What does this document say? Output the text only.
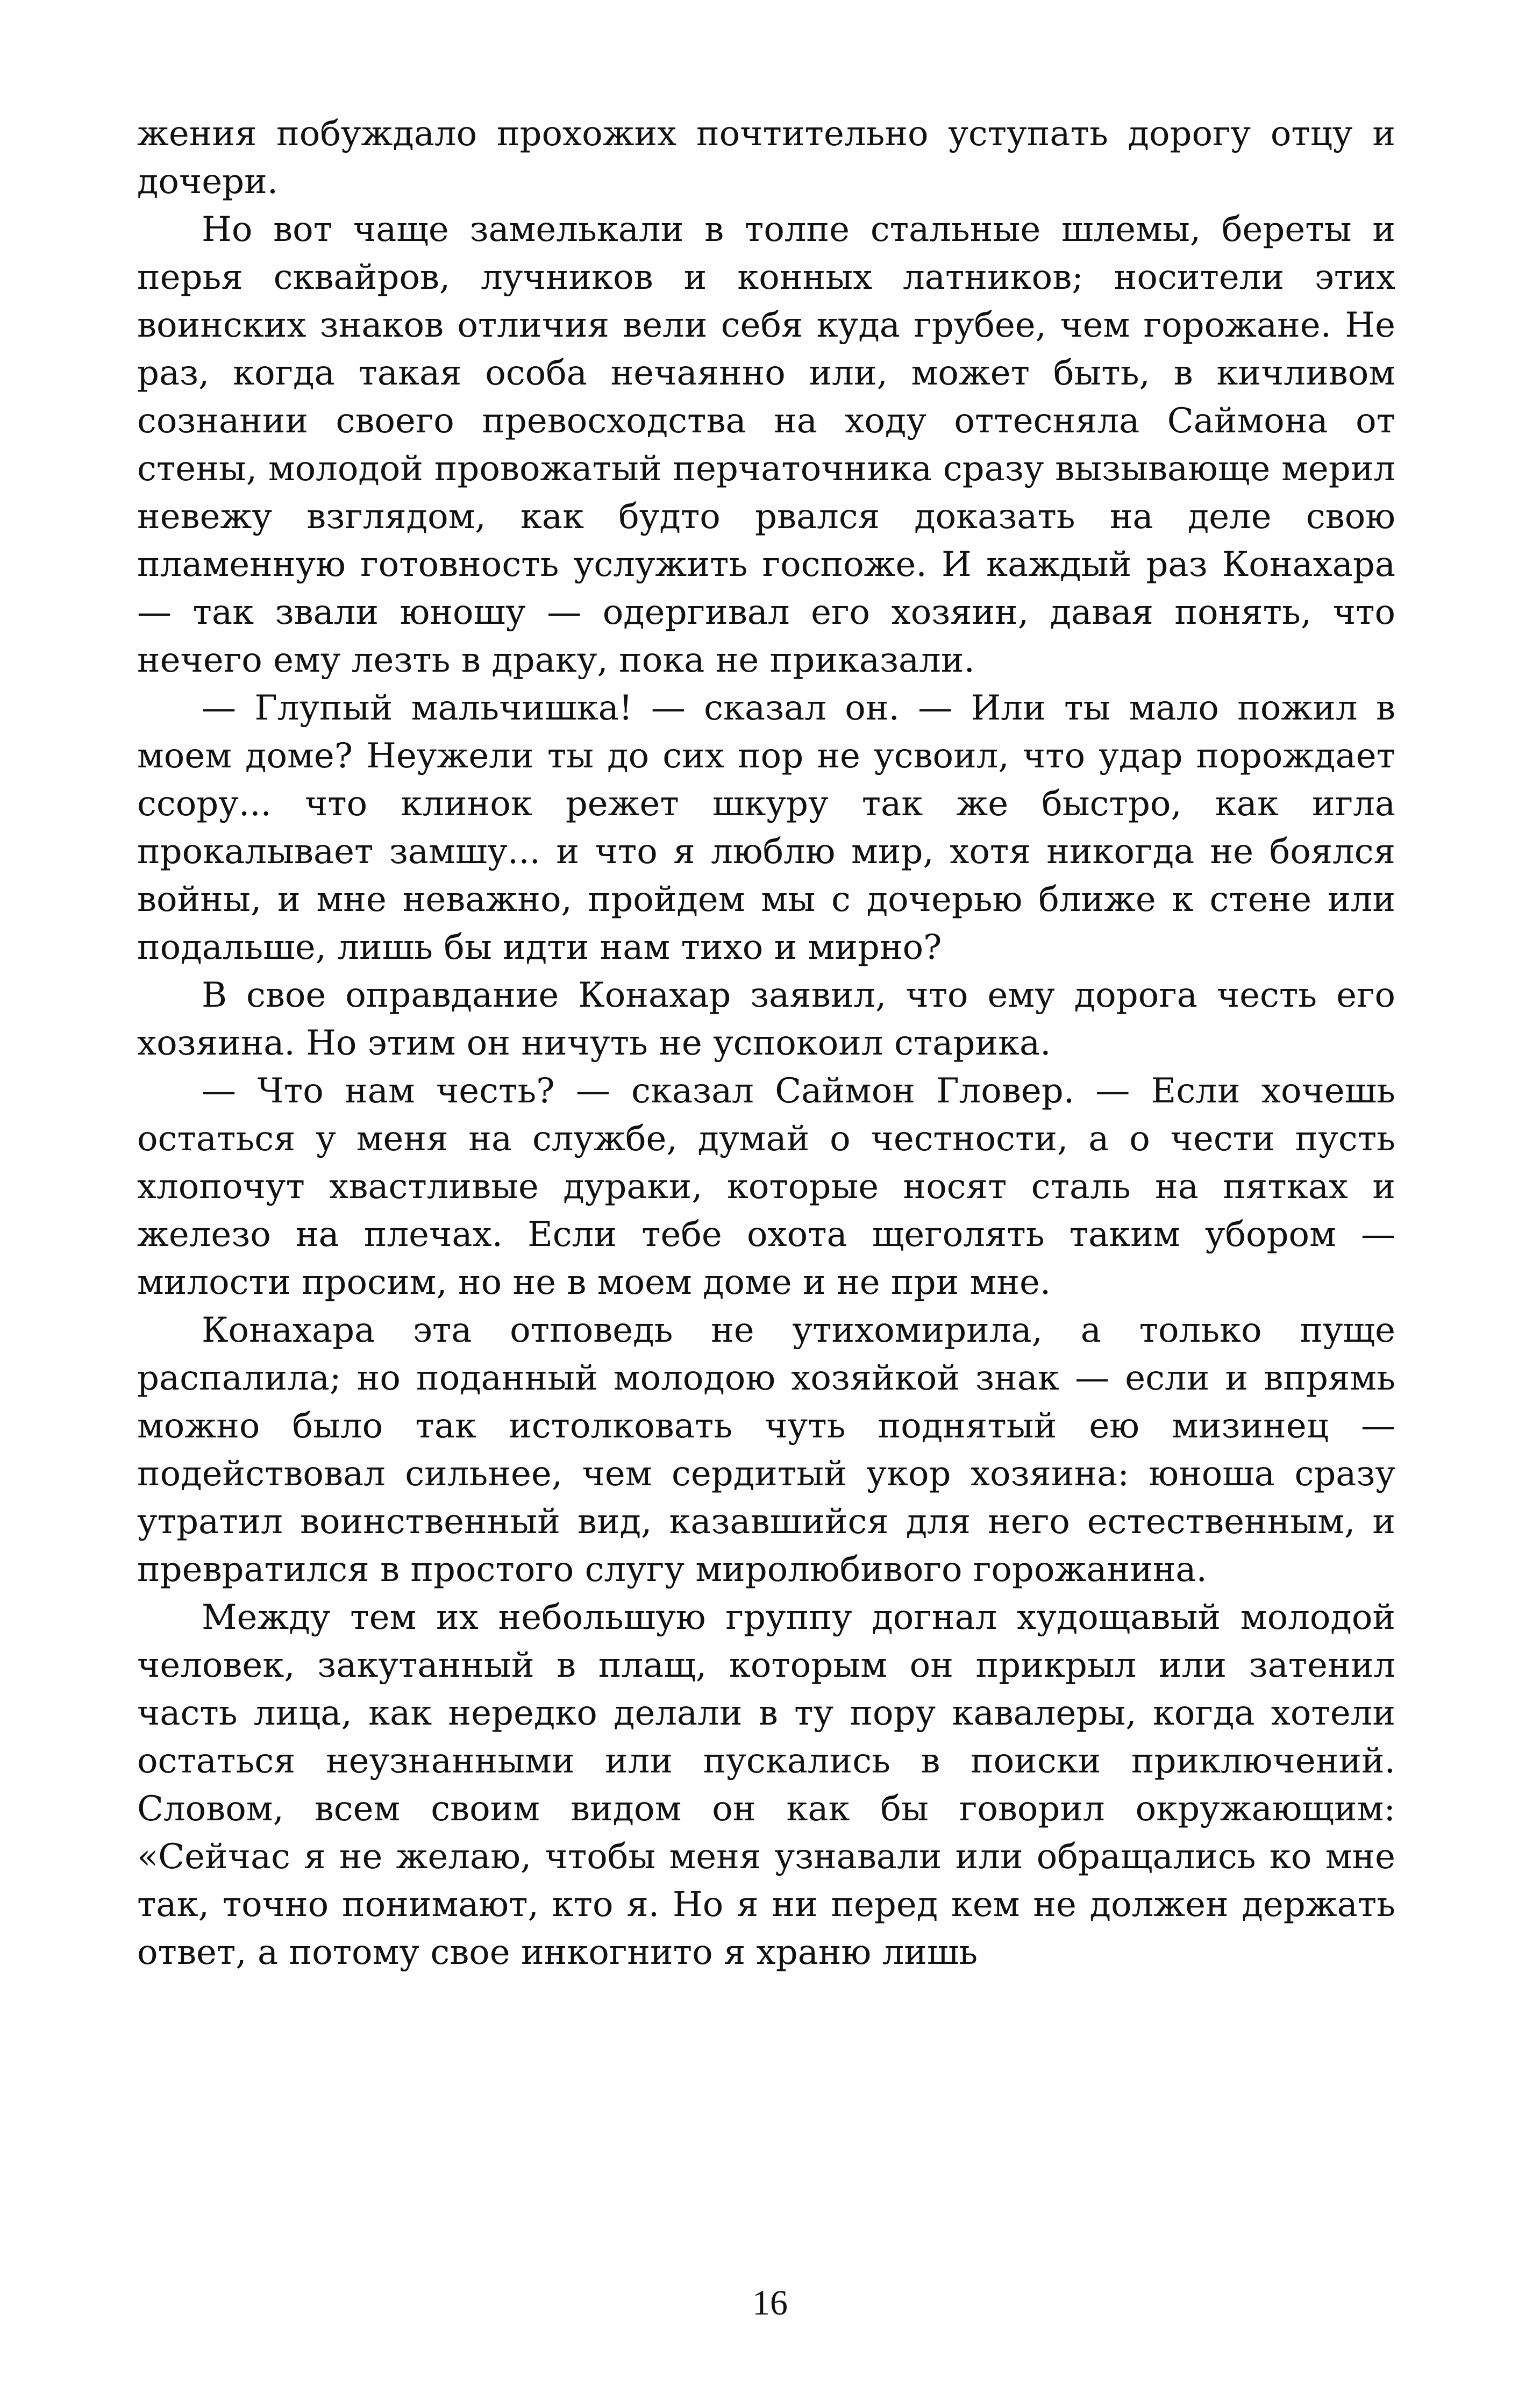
жения побуждало прохожих почтительно уступать дорогу отцу и дочери.

Но вот чаще замелькали в толпе стальные шлемы, береты и перья сквайров, лучников и конных латников; носители этих воинских знаков отличия вели себя куда грубее, чем горожане. Не раз, когда такая особа нечаянно или, может быть, в кичливом сознании своего превосходства на ходу оттесняла Саймона от стены, молодой провожатый перчаточника сразу вызывающе мерил невежу взглядом, как будто рвался доказать на деле свою пламенную готовность услужить госпоже. И каждый раз Конахара — так звали юношу — одергивал его хозяин, давая понять, что нечего ему лезть в драку, пока не приказали.

— Глупый мальчишка! — сказал он. — Или ты мало пожил в моем доме? Неужели ты до сих пор не усвоил, что удар порождает ссору... что клинок режет шкуру так же быстро, как игла прокалывает замшу... и что я люблю мир, хотя никогда не боялся войны, и мне неважно, пройдем мы с дочерью ближе к стене или подальше, лишь бы идти нам тихо и мирно?

В свое оправдание Конахар заявил, что ему дорога честь его хозяина. Но этим он ничуть не успокоил старика.

— Что нам честь? — сказал Саймон Гловер. — Если хочешь остаться у меня на службе, думай о честности, а о чести пусть хлопочут хвастливые дураки, которые носят сталь на пятках и железо на плечах. Если тебе охота щеголять таким убором — милости просим, но не в моем доме и не при мне.

Конахара эта отповедь не утихомирила, а только пуще распалила; но поданный молодою хозяйкой знак — если и впрямь можно было так истолковать чуть поднятый ею мизинец — подействовал сильнее, чем сердитый укор хозяина: юноша сразу утратил воинственный вид, казавшийся для него естественным, и превратился в простого слугу миролюбивого горожанина.

Между тем их небольшую группу догнал худощавый молодой человек, закутанный в плащ, которым он прикрыл или затенил часть лица, как нередко делали в ту пору кавалеры, когда хотели остаться неузнанными или пускались в поиски приключений. Словом, всем своим видом он как бы говорил окружающим: «Сейчас я не желаю, чтобы меня узнавали или обращались ко мне так, точно понимают, кто я. Но я ни перед кем не должен держать ответ, а потому свое инкогнито я храню лишь

16
